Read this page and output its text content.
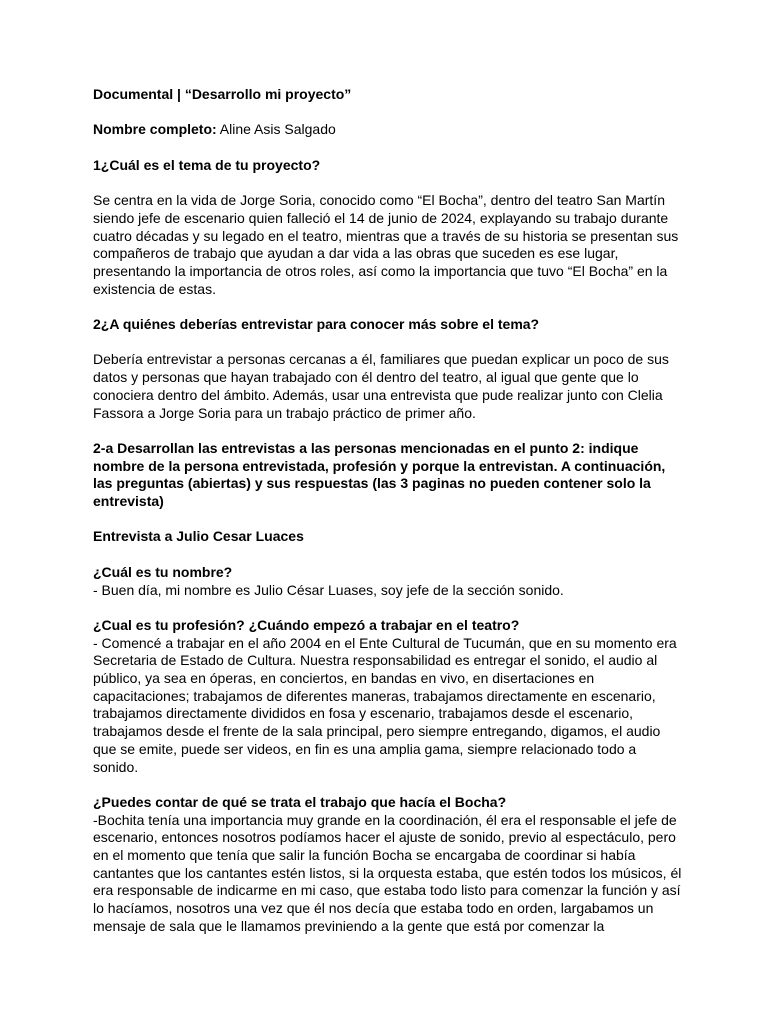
Documental | “Desarrollo mi proyecto”

Nombre completo: Aline Asis Salgado

1¿Cuál es el tema de tu proyecto?

Se centra en la vida de Jorge Soria, conocido como “El Bocha”, dentro del teatro San Martín siendo jefe de escenario quien falleció el 14 de junio de 2024, explayando su trabajo durante cuatro décadas y su legado en el teatro, mientras que a través de su historia se presentan sus compañeros de trabajo que ayudan a dar vida a las obras que suceden es ese lugar, presentando la importancia de otros roles, así como la importancia que tuvo “El Bocha” en la existencia de estas.

2¿A quiénes deberías entrevistar para conocer más sobre el tema?

Debería entrevistar a personas cercanas a él, familiares que puedan explicar un poco de sus datos y personas que hayan trabajado con él dentro del teatro, al igual que gente que lo conociera dentro del ámbito. Además, usar una entrevista que pude realizar junto con Clelia Fassora a Jorge Soria para un trabajo práctico de primer año.

2-a Desarrollan las entrevistas a las personas mencionadas en el punto 2: indique nombre de la persona entrevistada, profesión y porque la entrevistan. A continuación, las preguntas (abiertas) y sus respuestas (las 3 paginas no pueden contener solo la entrevista)

Entrevista a Julio Cesar Luaces

¿Cuál es tu nombre?

- Buen día, mi nombre es Julio César Luases, soy jefe de la sección sonido.

¿Cual es tu profesión? ¿Cuándo empezó a trabajar en el teatro?

- Comencé a trabajar en el año 2004 en el Ente Cultural de Tucumán, que en su momento era Secretaria de Estado de Cultura. Nuestra responsabilidad es entregar el sonido, el audio al público, ya sea en óperas, en conciertos, en bandas en vivo, en disertaciones en capacitaciones; trabajamos de diferentes maneras, trabajamos directamente en escenario, trabajamos directamente divididos en fosa y escenario, trabajamos desde el escenario, trabajamos desde el frente de la sala principal, pero siempre entregando, digamos, el audio que se emite, puede ser videos, en fin es una amplia gama, siempre relacionado todo a sonido.

¿Puedes contar de qué se trata el trabajo que hacía el Bocha?

-Bochita tenía una importancia muy grande en la coordinación, él era el responsable el jefe de escenario, entonces nosotros podíamos hacer el ajuste de sonido, previo al espectáculo, pero en el momento que tenía que salir la función Bocha se encargaba de coordinar si había cantantes que los cantantes estén listos, si la orquesta estaba, que estén todos los músicos, él era responsable de indicarme en mi caso, que estaba todo listo para comenzar la función y así lo hacíamos, nosotros una vez que él nos decía que estaba todo en orden, largabamos un mensaje de sala que le llamamos previniendo a la gente que está por comenzar la
